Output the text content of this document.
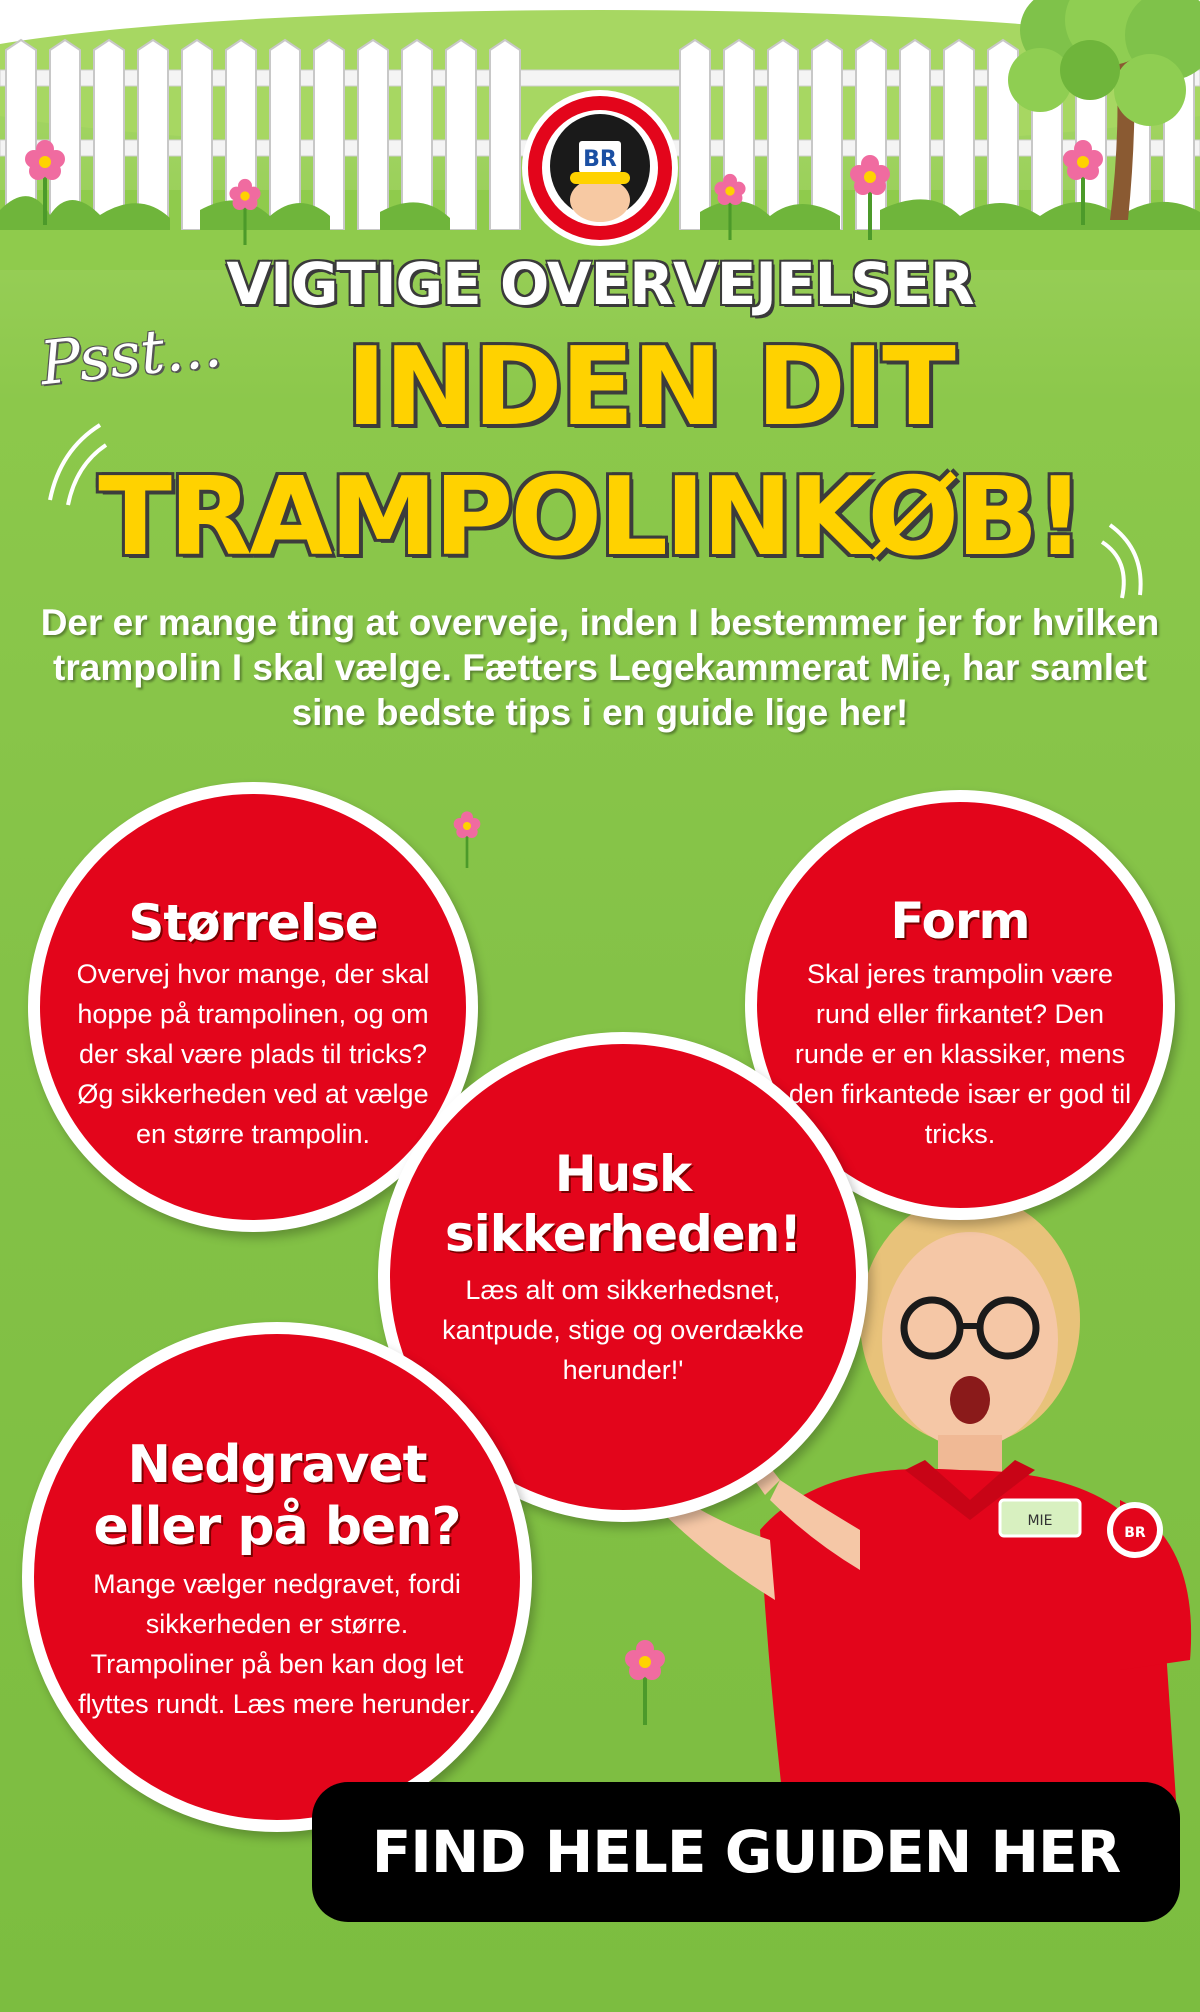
BR
VIGTIGE OVERVEJELSER
Psst...	INDEN DIT
TRAMPOLINKØB!
Der er mange ting at overveje, inden I bestemmer jer for hvilken trampolin I skal vælge. Fætters Legekammerat Mie, har samlet sine bedste tips i en guide lige her!
MIE
BR
Størrelse
Overvej hvor mange, der skal hoppe på trampolinen, og om der skal være plads til tricks? Øg sikkerheden ved at vælge en større trampolin.
Form
Skal jeres trampolin være rund eller firkantet? Den runde er en klassiker, mens den firkantede især er god til tricks.
Husk sikkerheden!
Læs alt om sikkerhedsnet, kantpude, stige og overdække herunder!'
Nedgravet eller på ben?
Mange vælger nedgravet, fordi sikkerheden er større. Trampoliner på ben kan dog let flyttes rundt. Læs mere herunder.
FIND HELE GUIDEN HER
